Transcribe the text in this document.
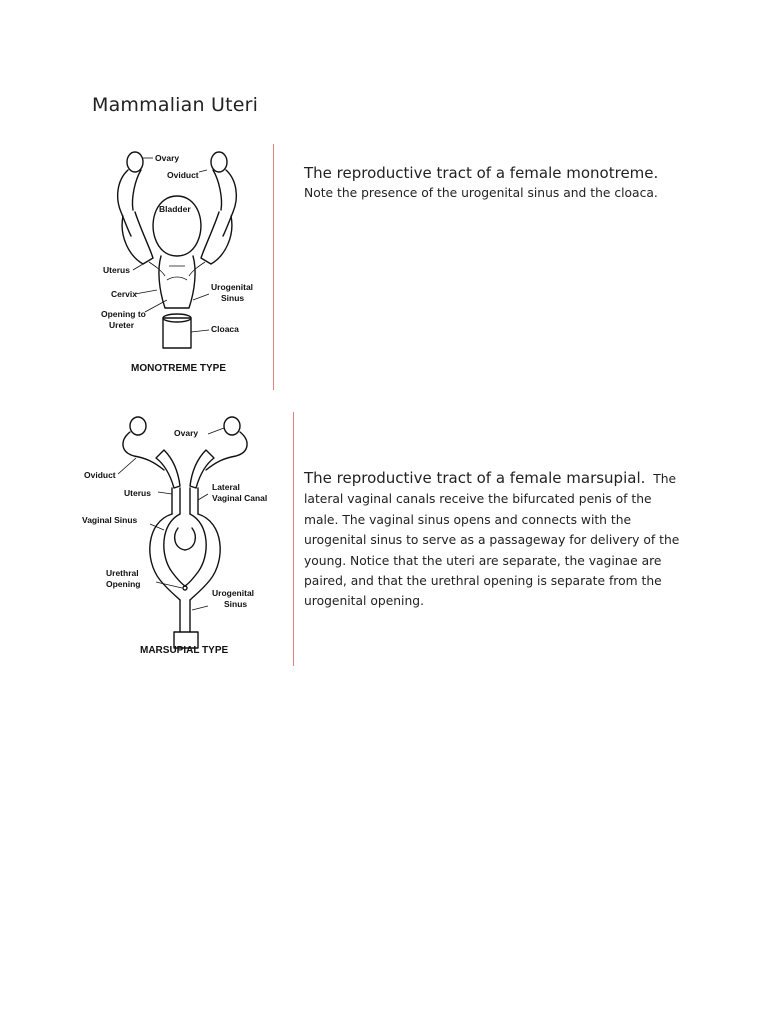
Mammalian Uteri
Ovary
Oviduct
Bladder
Uterus
Cervix
Opening to
Ureter
Urogenital
Sinus
Cloaca
MONOTREME TYPE
The reproductive tract of a female monotreme.
Note the presence of the urogenital sinus and the cloaca.
Ovary
Oviduct
Uterus
Lateral
Vaginal Canal
Vaginal Sinus
Urethral
Opening
Urogenital
Sinus
MARSUPIAL TYPE
The reproductive tract of a female marsupial. The lateral vaginal canals receive the bifurcated penis of the male. The vaginal sinus opens and connects with the urogenital sinus to serve as a passageway for delivery of the young. Notice that the uteri are separate, the vaginae are paired, and that the urethral opening is separate from the urogenital opening.
